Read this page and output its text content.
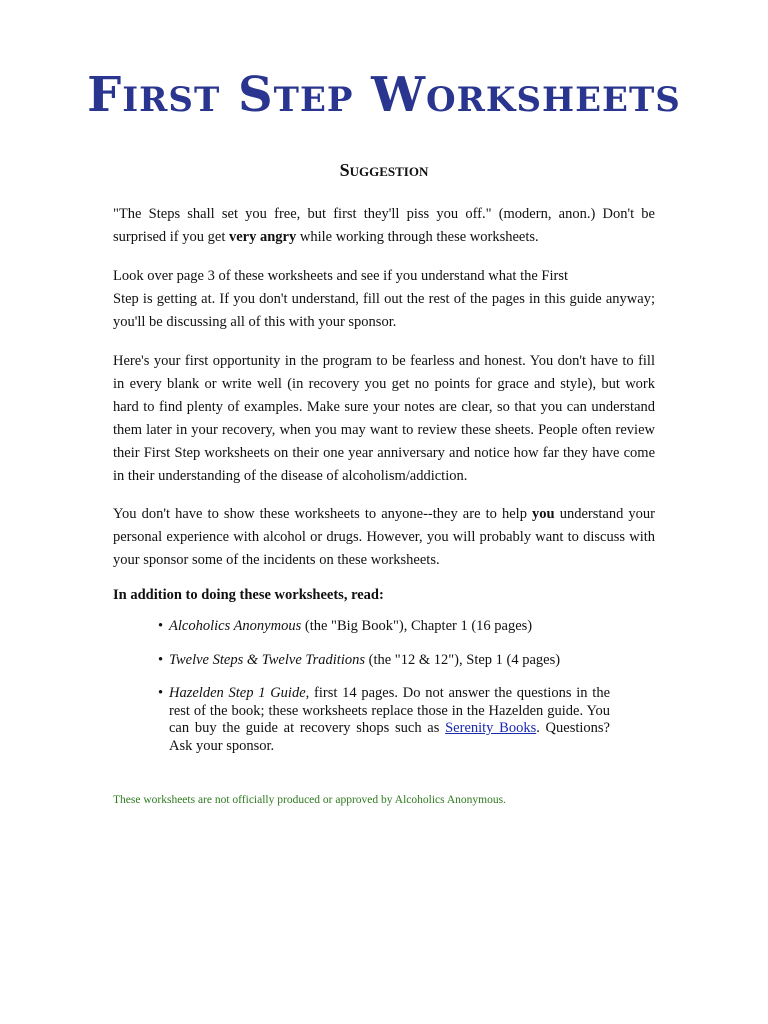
First Step Worksheets
Suggestion

"The Steps shall set you free, but first they'll piss you off." (modern, anon.) Don't be surprised if you get very angry while working through these worksheets.

Look over page 3 of these worksheets and see if you understand what the First
Step is getting at. If you don't understand, fill out the rest of the pages in this guide anyway; you'll be discussing all of this with your sponsor.

Here's your first opportunity in the program to be fearless and honest. You don't have to fill in every blank or write well (in recovery you get no points for grace and style), but work hard to find plenty of examples. Make sure your notes are clear, so that you can understand them later in your recovery, when you may want to review these sheets. People often review their First Step worksheets on their one year anniversary and notice how far they have come in their understanding of the disease of alcoholism/addiction.

You don't have to show these worksheets to anyone--they are to help you understand your personal experience with alcohol or drugs. However, you will probably want to discuss with your sponsor some of the incidents on these worksheets.

In addition to doing these worksheets, read:

• Alcoholics Anonymous (the "Big Book"), Chapter 1 (16 pages)
• Twelve Steps & Twelve Traditions (the "12 & 12"), Step 1 (4 pages)
• Hazelden Step 1 Guide, first 14 pages. Do not answer the questions in the rest of the book; these worksheets replace those in the Hazelden guide. You can buy the guide at recovery shops such as Serenity Books. Questions? Ask your sponsor.

These worksheets are not officially produced or approved by Alcoholics Anonymous.
